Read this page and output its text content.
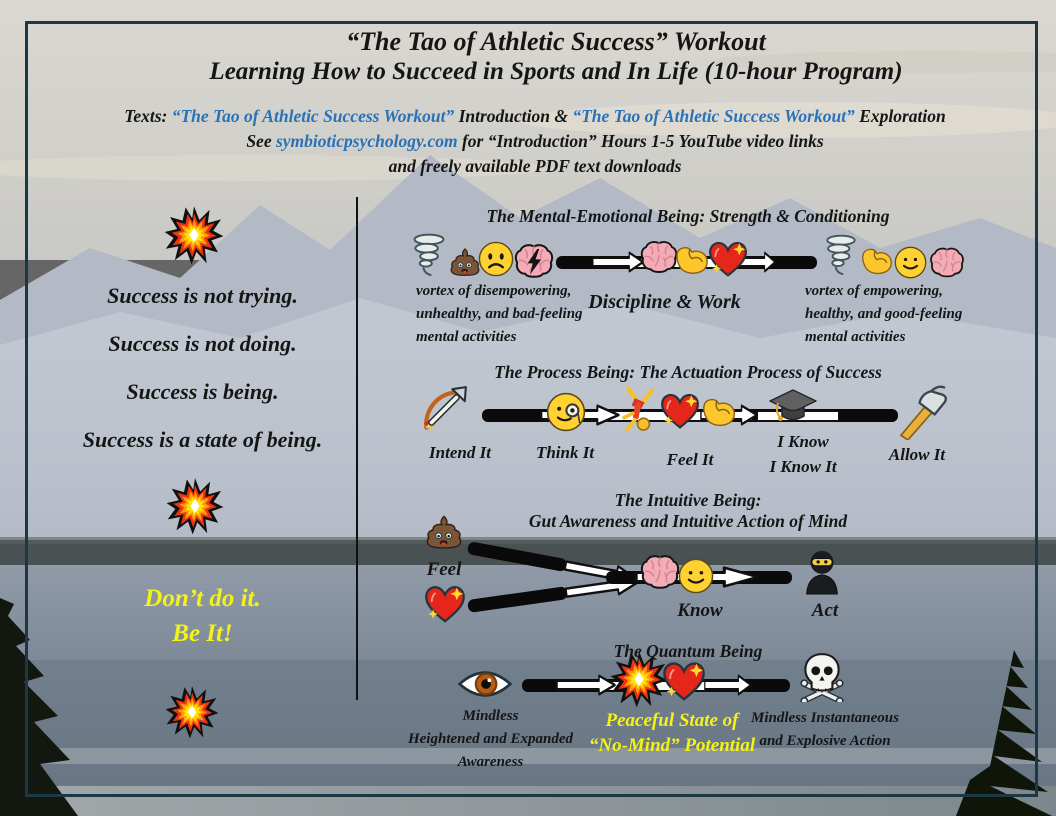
“The Tao of Athletic Success” Workout
Learning How to Succeed in Sports and In Life (10-hour Program)
Texts: “The Tao of Athletic Success Workout” Introduction & “The Tao of Athletic Success Workout” Exploration
See symbioticpsychology.com for “Introduction” Hours 1-5 YouTube video links
and freely available PDF text downloads
Success is not trying.
Success is not doing.
Success is being.
Success is a state of being.
Don’t do it.
Be It!
The Mental-Emotional Being: Strength & Conditioning
vortex of disempowering,
unhealthy, and bad-feeling
mental activities
Discipline & Work	vortex of empowering,
healthy, and good-feeling
mental activities
The Process Being: The Actuation Process of Success
Intend It	Think It	Feel It
I Know
I Know It
Allow It
The Intuitive Being:
Gut Awareness and Intuitive Action of Mind
Feel
Know	Act
The Quantum Being
Mindless
Heightened and Expanded
Awareness
Peaceful State of
“No-Mind” Potential
Mindless Instantaneous
and Explosive Action
